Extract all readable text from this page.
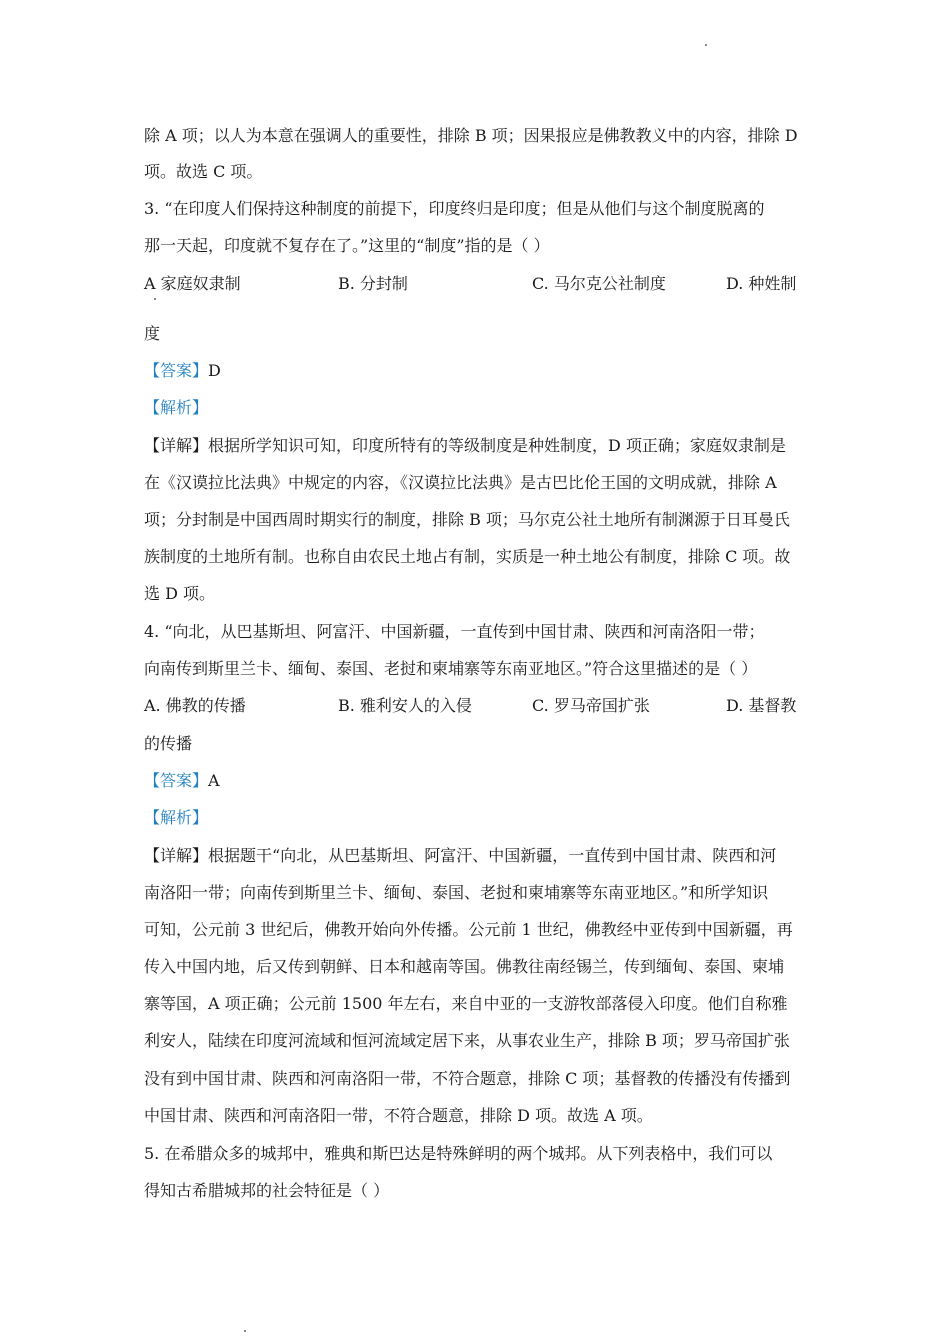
除 A 项；以人为本意在强调人的重要性，排除 B 项；因果报应是佛教教义中的内容，排除 D
项。故选 C 项。
3. “在印度人们保持这种制度的前提下，印度终归是印度；但是从他们与这个制度脱离的
那一天起，印度就不复存在了。”这里的“制度”指的是（ ）
A 家庭奴隶制	B. 分封制	C. 马尔克公社制度	D. 种姓制
度
【答案】D
【解析】
【详解】根据所学知识可知，印度所特有的等级制度是种姓制度，D 项正确；家庭奴隶制是
在《汉谟拉比法典》中规定的内容，《汉谟拉比法典》是古巴比伦王国的文明成就，排除 A
项；分封制是中国西周时期实行的制度，排除 B 项；马尔克公社土地所有制渊源于日耳曼氏
族制度的土地所有制。也称自由农民土地占有制，实质是一种土地公有制度，排除 C 项。故
选 D 项。
4. “向北，从巴基斯坦、阿富汗、中国新疆，一直传到中国甘肃、陕西和河南洛阳一带；
向南传到斯里兰卡、缅甸、泰国、老挝和柬埔寨等东南亚地区。”符合这里描述的是（ ）
A. 佛教的传播	B. 雅利安人的入侵	C. 罗马帝国扩张	D. 基督教
的传播
【答案】A
【解析】
【详解】根据题干“向北，从巴基斯坦、阿富汗、中国新疆，一直传到中国甘肃、陕西和河
南洛阳一带；向南传到斯里兰卡、缅甸、泰国、老挝和柬埔寨等东南亚地区。”和所学知识
可知，公元前 3 世纪后，佛教开始向外传播。公元前 1 世纪，佛教经中亚传到中国新疆，再
传入中国内地，后又传到朝鲜、日本和越南等国。佛教往南经锡兰，传到缅甸、泰国、柬埔
寨等国，A 项正确；公元前 1500 年左右，来自中亚的一支游牧部落侵入印度。他们自称雅
利安人，陆续在印度河流域和恒河流域定居下来，从事农业生产，排除 B 项；罗马帝国扩张
没有到中国甘肃、陕西和河南洛阳一带，不符合题意，排除 C 项；基督教的传播没有传播到
中国甘肃、陕西和河南洛阳一带，不符合题意，排除 D 项。故选 A 项。
5. 在希腊众多的城邦中，雅典和斯巴达是特殊鲜明的两个城邦。从下列表格中，我们可以
得知古希腊城邦的社会特征是（ ）
